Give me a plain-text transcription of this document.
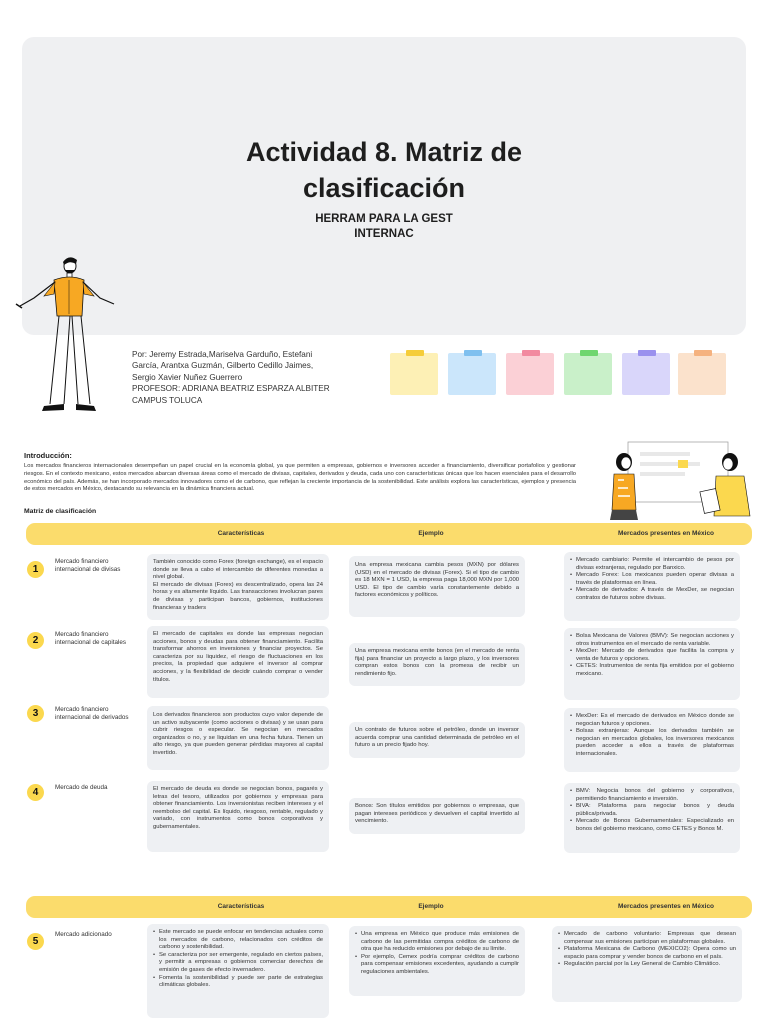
Actividad 8. Matriz de
clasificación
HERRAM PARA LA GEST
INTERNAC
Por: Jeremy Estrada,Mariselva Garduño, Estefani
García, Arantxa Guzmán, Gilberto Cedillo Jaimes,
Sergio Xavier Nuñez Guerrero
PROFESOR: ADRIANA BEATRIZ ESPARZA ALBITER
CAMPUS TOLUCA
Introducción:
Los mercados financieros internacionales desempeñan un papel crucial en la economía global, ya que permiten a empresas, gobiernos e inversores acceder a financiamiento, diversificar portafolios y gestionar riesgos. En el contexto mexicano, estos mercados abarcan diversas áreas como el mercado de divisas, capitales, derivados y deuda, cada uno con características únicas que los hacen esenciales para el desarrollo económico del país. Además, se han incorporado mercados innovadores como el de carbono, que reflejan la creciente importancia de la sostenibilidad. Este análisis explora las características, ejemplos y presencia de estos mercados en México, destacando su relevancia en la dinámica financiera actual.
Matriz de clasificación
Características	Ejemplo	Mercados presentes en México
1
Mercado financiero internacional de divisas
También conocido como Forex (foreign exchange), es el espacio donde se lleva a cabo el intercambio de diferentes monedas a nivel global.
El mercado de divisas (Forex) es descentralizado, opera las 24 horas y es altamente líquido. Las transacciones involucran pares de divisas y participan bancos, gobiernos, instituciones financieras y traders
Una empresa mexicana cambia pesos (MXN) por dólares (USD) en el mercado de divisas (Forex). Si el tipo de cambio es 18 MXN = 1 USD, la empresa paga 18,000 MXN por 1,000 USD. El tipo de cambio varía constantemente debido a factores económicos y políticos.
• Mercado cambiario: Permite el intercambio de pesos por divisas extranjeras, regulado por Banxico.
• Mercado Forex: Los mexicanos pueden operar divisas a través de plataformas en línea.
• Mercado de derivados: A través de MexDer, se negocian contratos de futuros sobre divisas.
2
Mercado financiero internacional de capitales
El mercado de capitales es donde las empresas negocian acciones, bonos y deudas para obtener financiamiento. Facilita transformar ahorros en inversiones y financiar proyectos. Se caracteriza por su liquidez, el riesgo de fluctuaciones en los precios, la propiedad que adquiere el inversor al comprar acciones, y la flexibilidad de decidir cuándo comprar o vender títulos.
Una empresa mexicana emite bonos (en el mercado de renta fija) para financiar un proyecto a largo plazo, y los inversores compran estos bonos con la promesa de recibir un rendimiento fijo.
• Bolsa Mexicana de Valores (BMV): Se negocian acciones y otros instrumentos en el mercado de renta variable.
• MexDer: Mercado de derivados que facilita la compra y venta de futuros y opciones.
• CETES: Instrumentos de renta fija emitidos por el gobierno mexicano.
3	Mercado financiero internacional de derivados	Los derivados financieros son productos cuyo valor depende de un activo subyacente (como acciones o divisas) y se usan para cubrir riesgos o especular. Se negocian en mercados organizados o no, y se liquidan en una fecha futura. Tienen un alto riesgo, ya que pueden generar pérdidas mayores al capital invertido.
Un contrato de futuros sobre el petróleo, donde un inversor acuerda comprar una cantidad determinada de petróleo en el futuro a un precio fijado hoy.
• MexDer: Es el mercado de derivados en México donde se negocian futuros y opciones.
• Bolsas extranjeras: Aunque los derivados también se negocian en mercados globales, los inversores mexicanos pueden acceder a ellos a través de plataformas internacionales.
4	Mercado de deuda	El mercado de deuda es donde se negocian bonos, pagarés y letras del tesoro, utilizados por gobiernos y empresas para obtener financiamiento. Los inversionistas reciben intereses y el reembolso del capital. Es líquido, riesgoso, rentable, regulado y variado, con instrumentos como bonos corporativos y gubernamentales.
Bonos: Son títulos emitidos por gobiernos o empresas, que pagan intereses periódicos y devuelven el capital invertido al vencimiento.
• BMV: Negocia bonos del gobierno y corporativos, permitiendo financiamiento e inversión.
• BIVA: Plataforma para negociar bonos y deuda pública/privada.
• Mercado de Bonos Gubernamentales: Especializado en bonos del gobierno mexicano, como CETES y Bonos M.
Características	Ejemplo	Mercados presentes en México
5
Mercado adicionado
•	Este mercado se puede enfocar en tendencias actuales como los mercados de carbono, relacionados con créditos de carbono y sostenibilidad.
• Se caracteriza por ser emergente, regulado en ciertos países, y permitir a empresas o gobiernos comerciar derechos de emisión de gases de efecto invernadero.
• Fomenta la sostenibilidad y puede ser parte de estrategias climáticas globales.
• Una empresa en México que produce más emisiones de carbono de las permitidas compra créditos de carbono de otra que ha reducido emisiones por debajo de su límite.
• Por ejemplo, Cemex podría comprar créditos de carbono para compensar emisiones excedentes, ayudando a cumplir regulaciones ambientales.
• Mercado de carbono voluntario: Empresas que desean compensar sus emisiones participan en plataformas globales.
• Plataforma Mexicana de Carbono (MEXICO2): Opera como un espacio para comprar y vender bonos de carbono en el país.
• Regulación parcial por la Ley General de Cambio Climático.
